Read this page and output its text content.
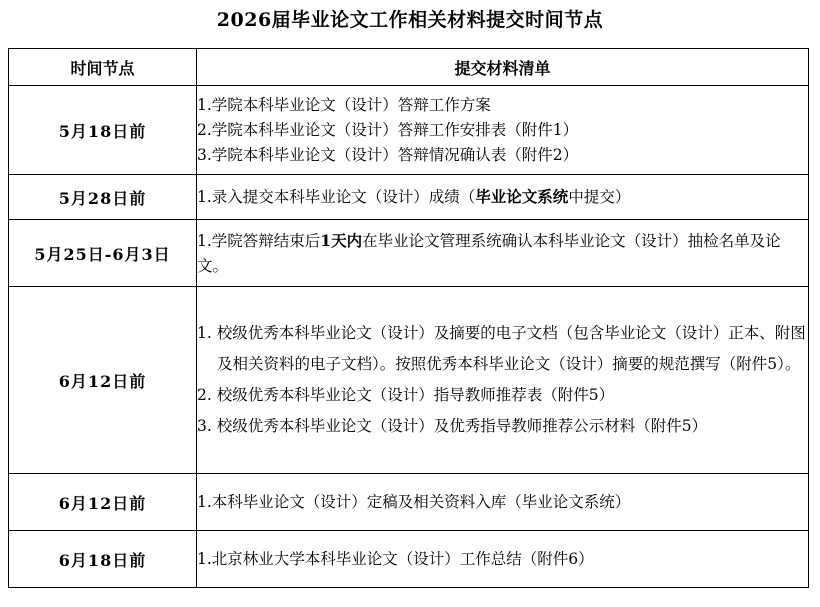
2026届毕业论文工作相关材料提交时间节点
时间节点	提交材料清单
5月18日前	1.学院本科毕业论文（设计）答辩工作方案
2.学院本科毕业论文（设计）答辩工作安排表（附件1）
3.学院本科毕业论文（设计）答辩情况确认表（附件2）

5月28日前	1.录入提交本科毕业论文（设计）成绩（毕业论文系统中提交）

5月25日-6月3日	1.学院答辩结束后1天内在毕业论文管理系统确认本科毕业论文（设计）抽检名单及论文。

6月12日前	1. 校级优秀本科毕业论文（设计）及摘要的电子文档（包含毕业论文（设计）正本、附图及相关资料的电子文档）。按照优秀本科毕业论文（设计）摘要的规范撰写（附件5）。
2. 校级优秀本科毕业论文（设计）指导教师推荐表（附件5）
3. 校级优秀本科毕业论文（设计）及优秀指导教师推荐公示材料（附件5）

6月12日前	1.本科毕业论文（设计）定稿及相关资料入库（毕业论文系统）

6月18日前	1.北京林业大学本科毕业论文（设计）工作总结（附件6）
